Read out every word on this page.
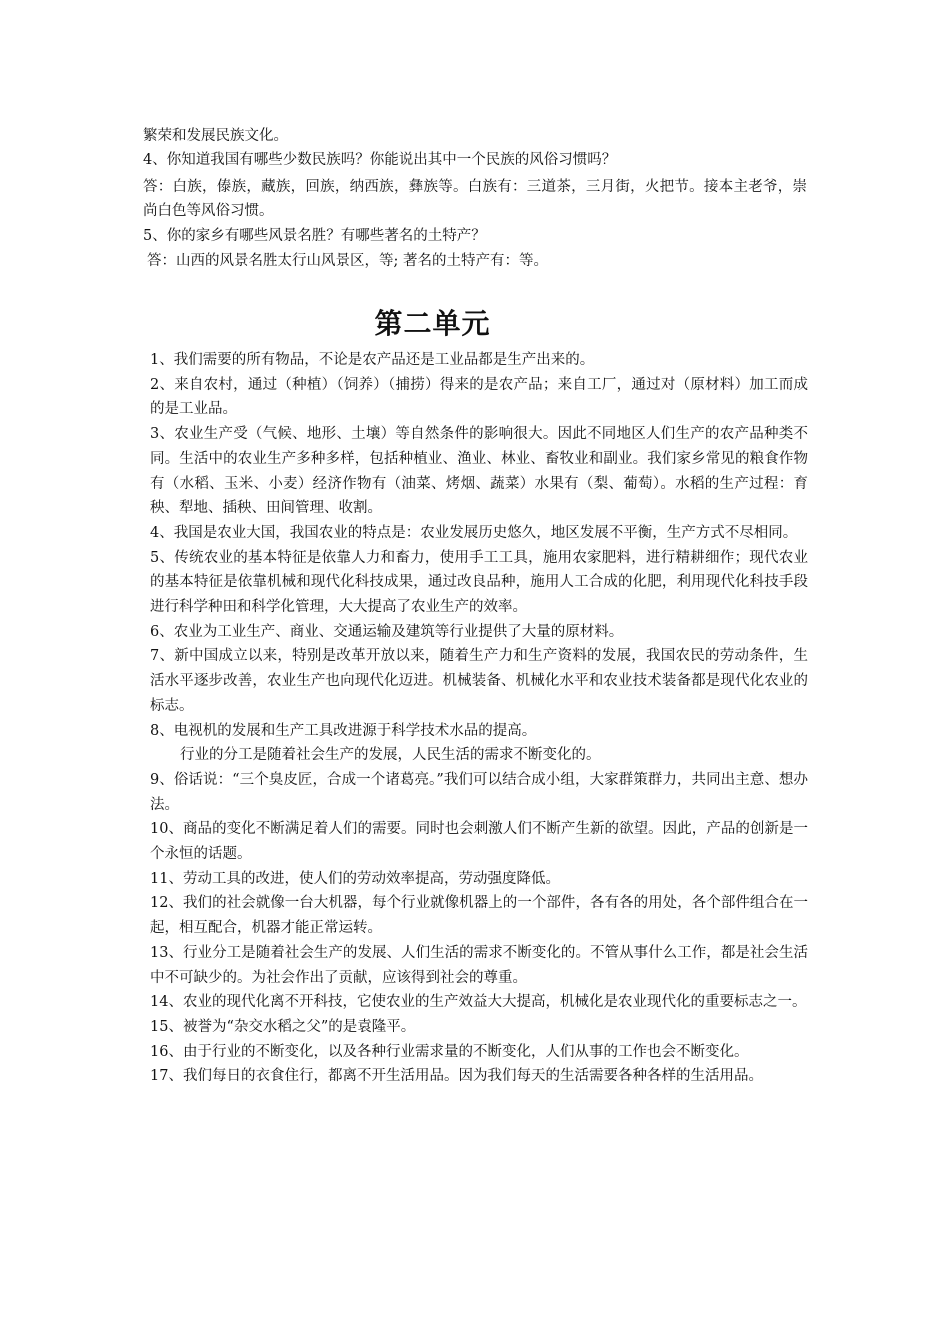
繁荣和发展民族文化。
4、你知道我国有哪些少数民族吗？你能说出其中一个民族的风俗习惯吗？
答：白族，傣族，藏族，回族，纳西族，彝族等。白族有：三道茶，三月街，火把节。接本主老爷，崇尚白色等风俗习惯。
5、你的家乡有哪些风景名胜？有哪些著名的土特产？
答：山西的风景名胜太行山风景区，等; 著名的土特产有：等。
第二单元
1、我们需要的所有物品，不论是农产品还是工业品都是生产出来的。
2、来自农村，通过（种植）（饲养）（捕捞）得来的是农产品；来自工厂，通过对（原材料）加工而成的是工业品。
3、农业生产受（气候、地形、土壤）等自然条件的影响很大。因此不同地区人们生产的农产品种类不同。生活中的农业生产多种多样，包括种植业、渔业、林业、畜牧业和副业。我们家乡常见的粮食作物有（水稻、玉米、小麦）经济作物有（油菜、烤烟、蔬菜）水果有（梨、葡萄）。水稻的生产过程：育秧、犁地、插秧、田间管理、收割。
4、我国是农业大国，我国农业的特点是：农业发展历史悠久，地区发展不平衡，生产方式不尽相同。
5、传统农业的基本特征是依靠人力和畜力，使用手工工具，施用农家肥料，进行精耕细作；现代农业的基本特征是依靠机械和现代化科技成果，通过改良品种，施用人工合成的化肥，利用现代化科技手段进行科学种田和科学化管理，大大提高了农业生产的效率。
6、农业为工业生产、商业、交通运输及建筑等行业提供了大量的原材料。
7、新中国成立以来，特别是改革开放以来，随着生产力和生产资料的发展，我国农民的劳动条件，生活水平逐步改善，农业生产也向现代化迈进。机械装备、机械化水平和农业技术装备都是现代化农业的标志。
8、电视机的发展和生产工具改进源于科学技术水品的提高。
行业的分工是随着社会生产的发展，人民生活的需求不断变化的。
9、俗话说：“三个臭皮匠，合成一个诸葛亮。”我们可以结合成小组，大家群策群力，共同出主意、想办法。
10、商品的变化不断满足着人们的需要。同时也会刺激人们不断产生新的欲望。因此，产品的创新是一个永恒的话题。
11、劳动工具的改进，使人们的劳动效率提高，劳动强度降低。
12、我们的社会就像一台大机器，每个行业就像机器上的一个部件，各有各的用处，各个部件组合在一起，相互配合，机器才能正常运转。
13、行业分工是随着社会生产的发展、人们生活的需求不断变化的。不管从事什么工作，都是社会生活中不可缺少的。为社会作出了贡献，应该得到社会的尊重。
14、农业的现代化离不开科技，它使农业的生产效益大大提高，机械化是农业现代化的重要标志之一。
15、被誉为“杂交水稻之父”的是袁隆平。
16、由于行业的不断变化，以及各种行业需求量的不断变化，人们从事的工作也会不断变化。
17、我们每日的衣食住行，都离不开生活用品。因为我们每天的生活需要各种各样的生活用品。
